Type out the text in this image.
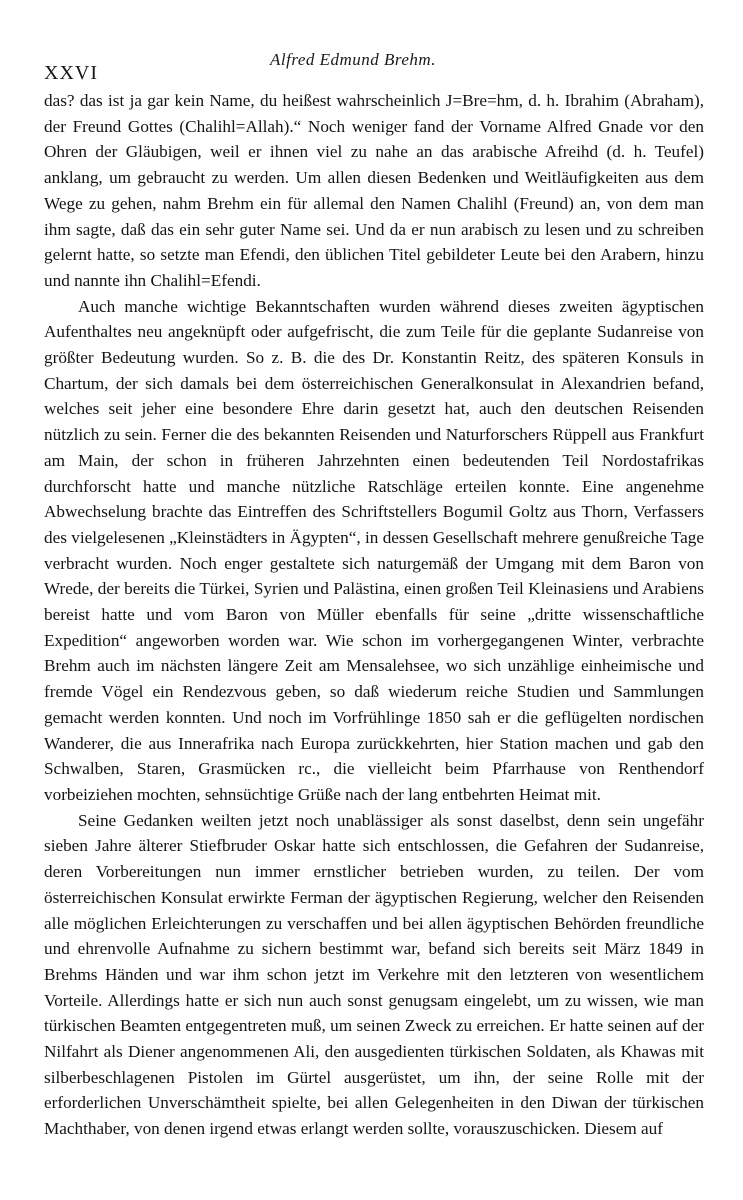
XXVI
Alfred Edmund Brehm.

das? das ist ja gar kein Name, du heißest wahrscheinlich J=Bre=hm, d. h. Ibrahim (Abraham), der Freund Gottes (Chalihl=Allah).“ Noch weniger fand der Vorname Alfred Gnade vor den Ohren der Gläubigen, weil er ihnen viel zu nahe an das arabische Afreihd (d. h. Teufel) anklang, um gebraucht zu werden. Um allen diesen Bedenken und Weitläufigkeiten aus dem Wege zu gehen, nahm Brehm ein für allemal den Namen Chalihl (Freund) an, von dem man ihm sagte, daß das ein sehr guter Name sei. Und da er nun arabisch zu lesen und zu schreiben gelernt hatte, so setzte man Efendi, den üblichen Titel gebildeter Leute bei den Arabern, hinzu und nannte ihn Chalihl=Efendi.

Auch manche wichtige Bekanntschaften wurden während dieses zweiten ägyptischen Aufenthaltes neu angeknüpft oder aufgefrischt, die zum Teile für die geplante Sudanreise von größter Bedeutung wurden. So z. B. die des Dr. Konstantin Reitz, des späteren Konsuls in Chartum, der sich damals bei dem österreichischen Generalkonsulat in Alexandrien befand, welches seit jeher eine besondere Ehre darin gesetzt hat, auch den deutschen Reisenden nützlich zu sein. Ferner die des bekannten Reisenden und Naturforschers Rüppell aus Frankfurt am Main, der schon in früheren Jahrzehnten einen bedeutenden Teil Nordostafrikas durchforscht hatte und manche nützliche Ratschläge erteilen konnte. Eine angenehme Abwechselung brachte das Eintreffen des Schriftstellers Bogumil Goltz aus Thorn, Verfassers des vielgelesenen „Kleinstädters in Ägypten“, in dessen Gesellschaft mehrere genußreiche Tage verbracht wurden. Noch enger gestaltete sich naturgemäß der Umgang mit dem Baron von Wrede, der bereits die Türkei, Syrien und Palästina, einen großen Teil Kleinasiens und Arabiens bereist hatte und vom Baron von Müller ebenfalls für seine „dritte wissenschaftliche Expedition“ angeworben worden war. Wie schon im vorhergegangenen Winter, verbrachte Brehm auch im nächsten längere Zeit am Mensalehsee, wo sich unzählige einheimische und fremde Vögel ein Rendezvous geben, so daß wiederum reiche Studien und Sammlungen gemacht werden konnten. Und noch im Vorfrühlinge 1850 sah er die geflügelten nordischen Wanderer, die aus Innerafrika nach Europa zurückkehrten, hier Station machen und gab den Schwalben, Staren, Grasmücken rc., die vielleicht beim Pfarrhause von Renthendorf vorbeiziehen mochten, sehnsüchtige Grüße nach der lang entbehrten Heimat mit.

Seine Gedanken weilten jetzt noch unablässiger als sonst daselbst, denn sein ungefähr sieben Jahre älterer Stiefbruder Oskar hatte sich entschlossen, die Gefahren der Sudanreise, deren Vorbereitungen nun immer ernstlicher betrieben wurden, zu teilen. Der vom österreichischen Konsulat erwirkte Ferman der ägyptischen Regierung, welcher den Reisenden alle möglichen Erleichterungen zu verschaffen und bei allen ägyptischen Behörden freundliche und ehrenvolle Aufnahme zu sichern bestimmt war, befand sich bereits seit März 1849 in Brehms Händen und war ihm schon jetzt im Verkehre mit den letzteren von wesentlichem Vorteile. Allerdings hatte er sich nun auch sonst genugsam eingelebt, um zu wissen, wie man türkischen Beamten entgegentreten muß, um seinen Zweck zu erreichen. Er hatte seinen auf der Nilfahrt als Diener angenommenen Ali, den ausgedienten türkischen Soldaten, als Khawas mit silberbeschlagenen Pistolen im Gürtel ausgerüstet, um ihn, der seine Rolle mit der erforderlichen Unverschämtheit spielte, bei allen Gelegenheiten in den Diwan der türkischen Machthaber, von denen irgend etwas erlangt werden sollte, vorauszuschicken. Diesem auf
